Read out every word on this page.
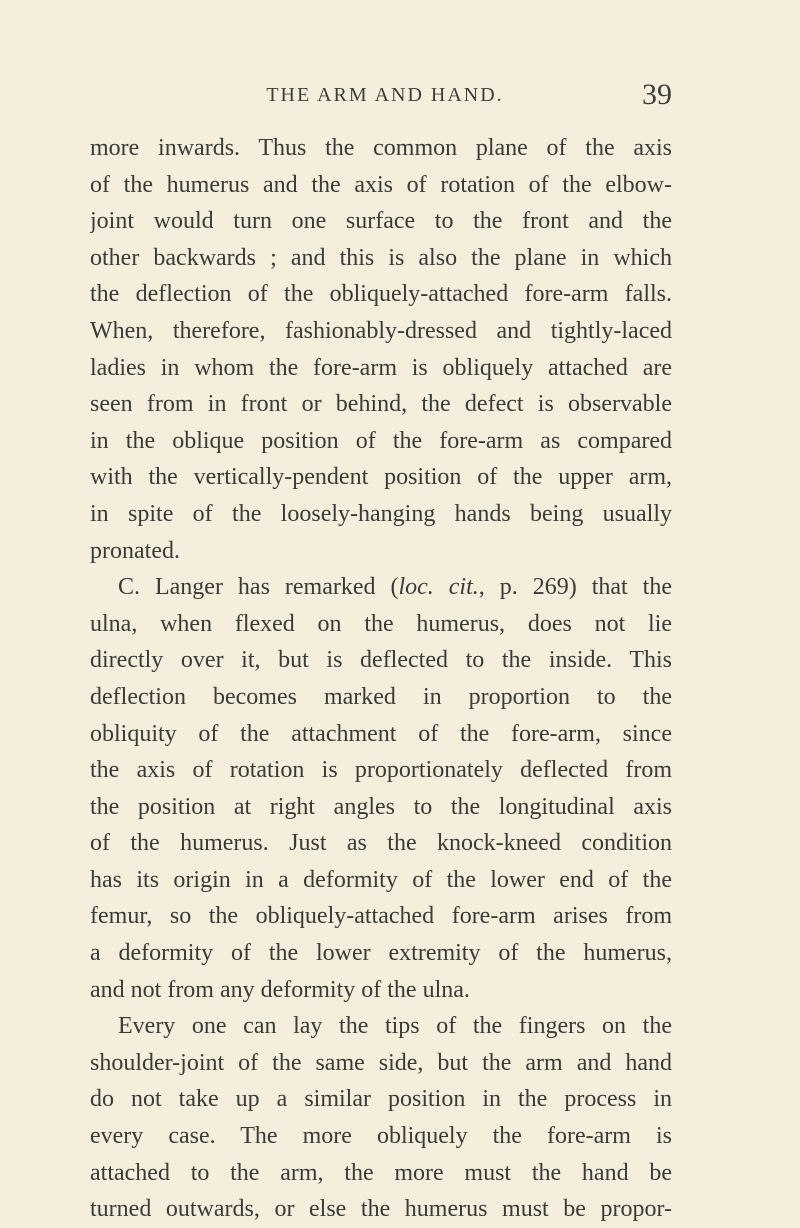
THE ARM AND HAND.	39
more inwards. Thus the common plane of the axis
of the humerus and the axis of rotation of the elbow-
joint would turn one surface to the front and the
other backwards ; and this is also the plane in which
the deflection of the obliquely-attached fore-arm falls.
When, therefore, fashionably-dressed and tightly-laced
ladies in whom the fore-arm is obliquely attached are
seen from in front or behind, the defect is observable
in the oblique position of the fore-arm as compared
with the vertically-pendent position of the upper arm,
in spite of the loosely-hanging hands being usually
pronated.
C. Langer has remarked (loc. cit., p. 269) that the
ulna, when flexed on the humerus, does not lie
directly over it, but is deflected to the inside. This
deflection becomes marked in proportion to the
obliquity of the attachment of the fore-arm, since
the axis of rotation is proportionately deflected from
the position at right angles to the longitudinal axis
of the humerus. Just as the knock-kneed condition
has its origin in a deformity of the lower end of the
femur, so the obliquely-attached fore-arm arises from
a deformity of the lower extremity of the humerus,
and not from any deformity of the ulna.
Every one can lay the tips of the fingers on the
shoulder-joint of the same side, but the arm and hand
do not take up a similar position in the process in
every case. The more obliquely the fore-arm is
attached to the arm, the more must the hand be
turned outwards, or else the humerus must be propor-
